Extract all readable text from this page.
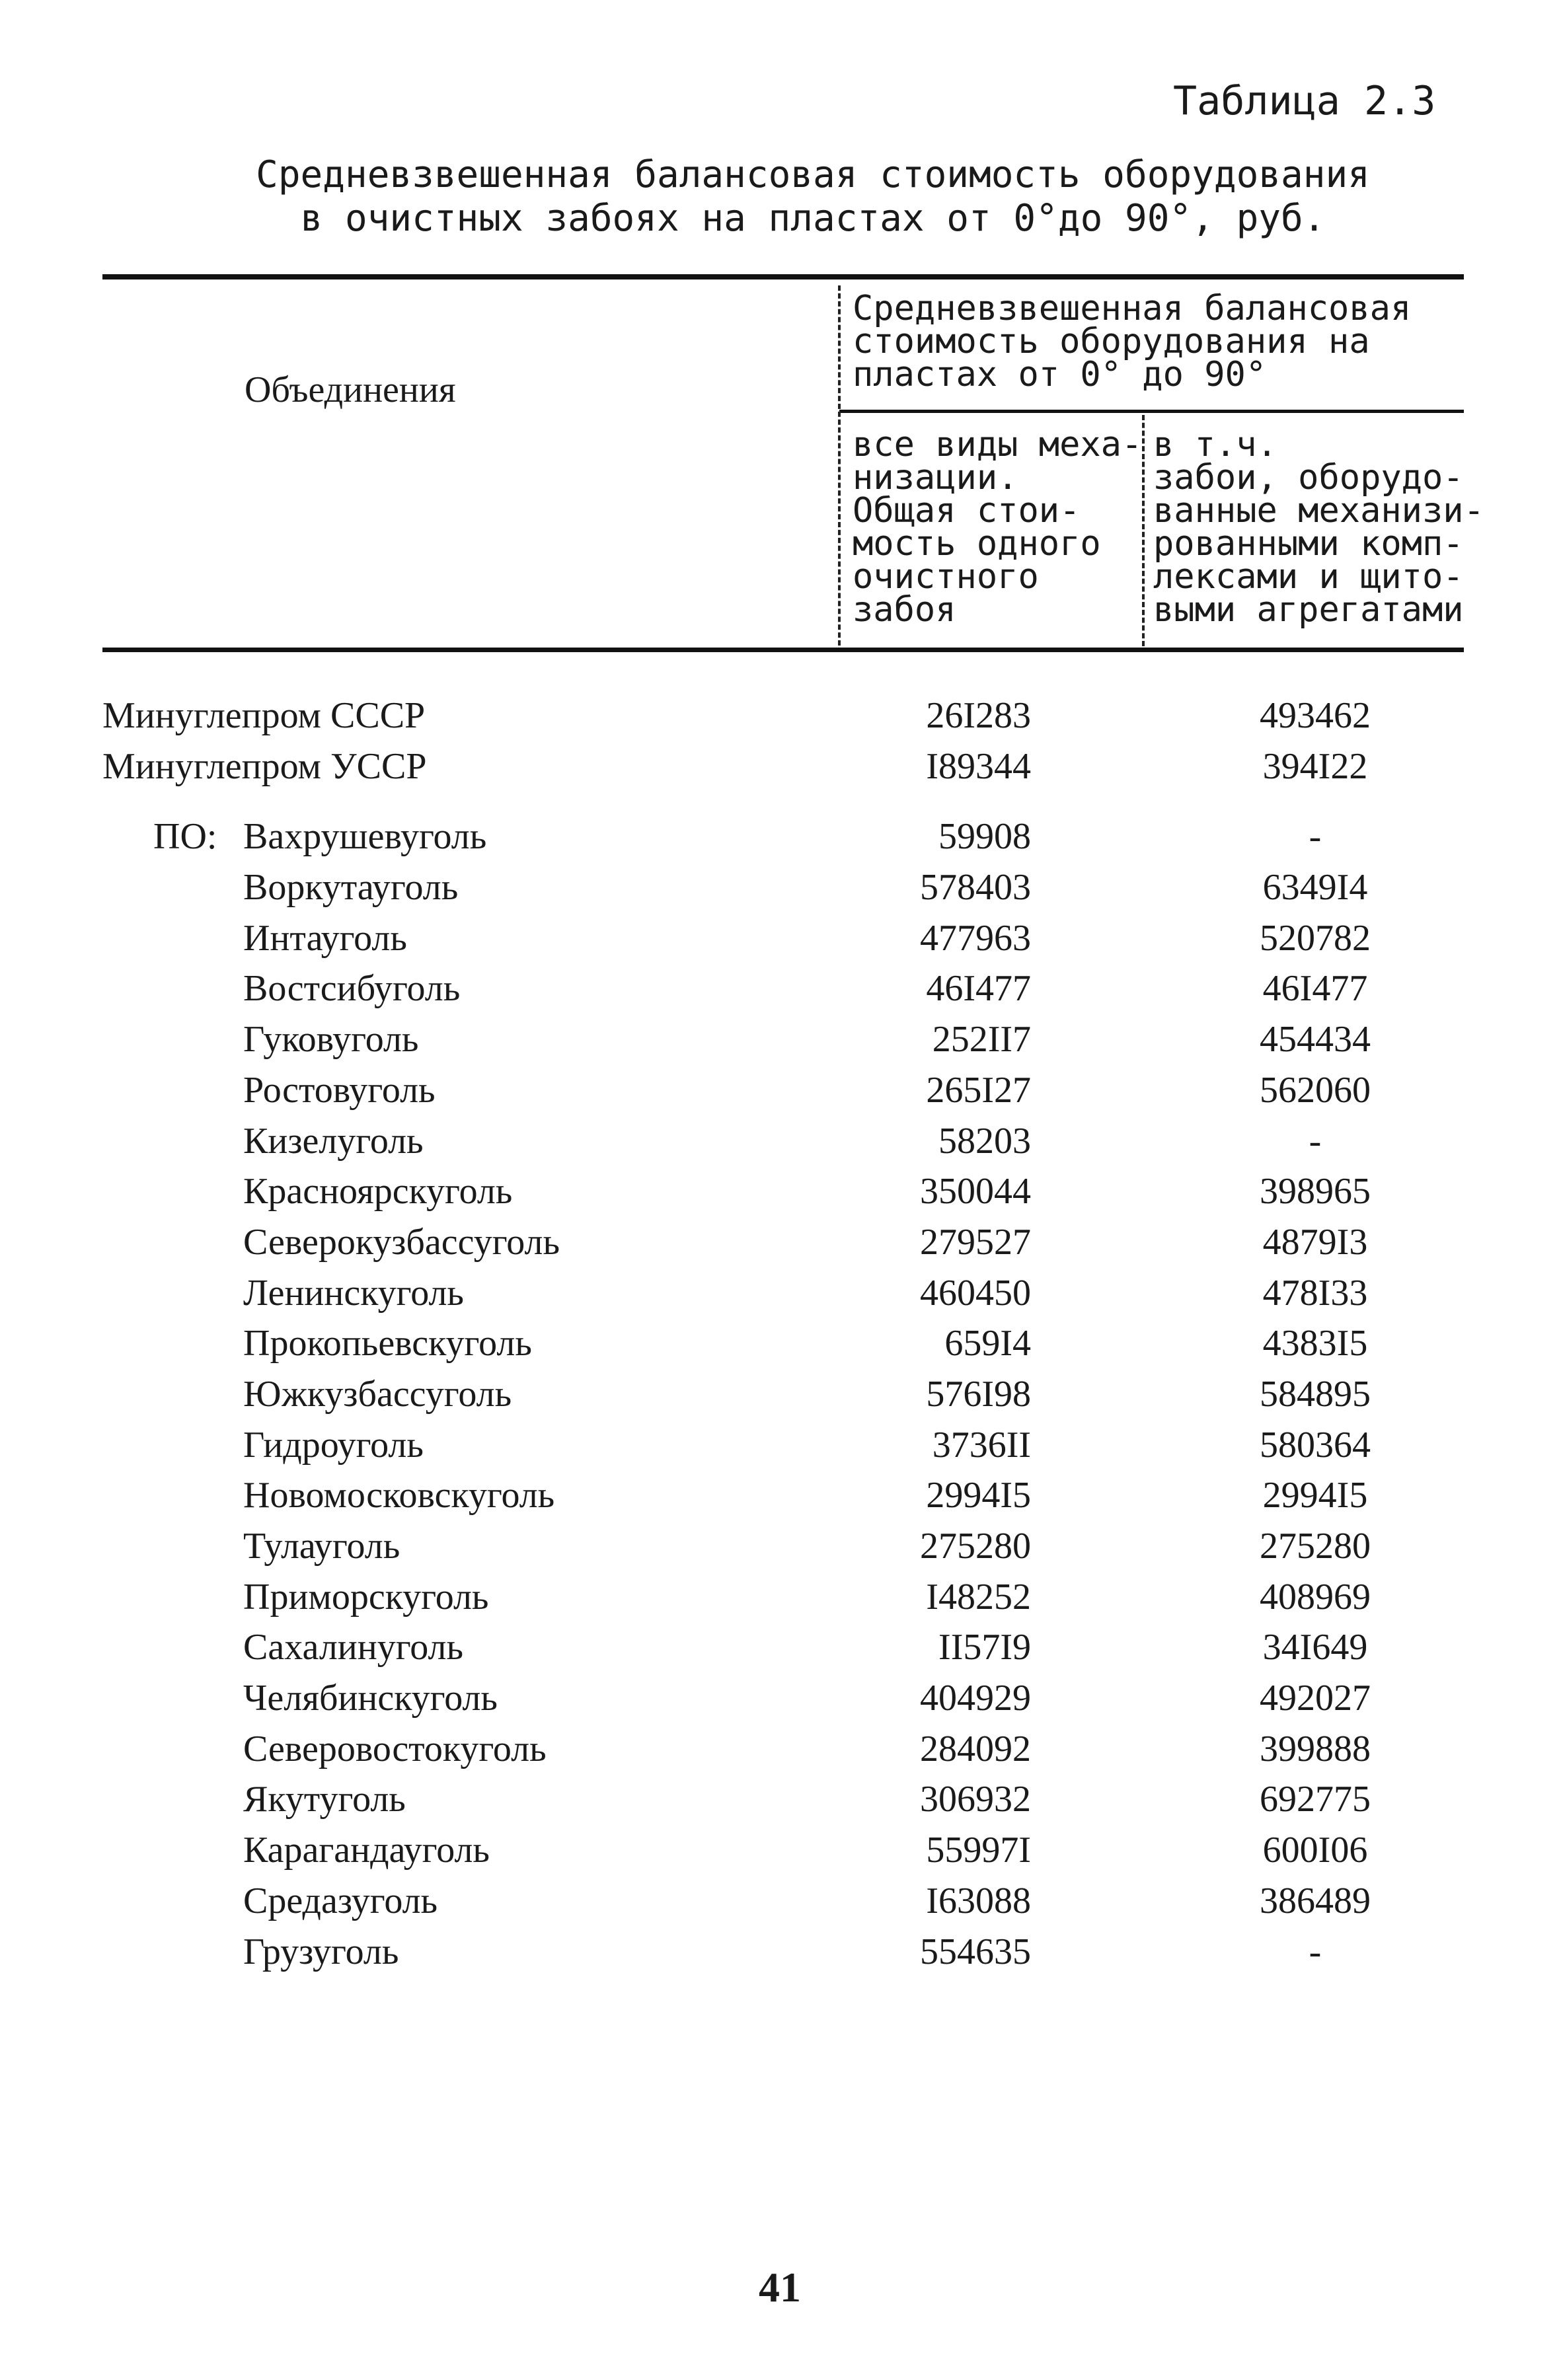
Таблица 2.3
Средневзвешенная балансовая стоимость оборудования
в очистных забоях на пластах от 0°до 90°, руб.
Объединения
Средневзвешенная балансовая
стоимость оборудования на
пластах от 0° до 90°
все виды меха-
низации.
Общая стои-
мость одного
очистного
забоя
в т.ч.
забои, оборудо-
ванные механизи-
рованными комп-
лексами и щито-
выми агрегатами
Минуглепром СССР	26I283	493462
Минуглепром УССР	I89344	394I22
ПО: Вахрушевуголь	59908	-
Воркутауголь	578403	6349I4
Интауголь	477963	520782
Востсибуголь	46I477	46I477
Гуковуголь	252II7	454434
Ростовуголь	265I27	562060
Кизелуголь	58203	-
Красноярскуголь	350044	398965
Северокузбассуголь	279527	4879I3
Ленинскуголь	460450	478I33
Прокопьевскуголь	659I4	4383I5
Южкузбассуголь	576I98	584895
Гидроуголь	3736II	580364
Новомосковскуголь	2994I5	2994I5
Тулауголь	275280	275280
Приморскуголь	I48252	408969
Сахалинуголь	II57I9	34I649
Челябинскуголь	404929	492027
Северовостокуголь	284092	399888
Якутуголь	306932	692775
Карагандауголь	55997I	600I06
Средазуголь	I63088	386489
Грузуголь	554635	-
41
